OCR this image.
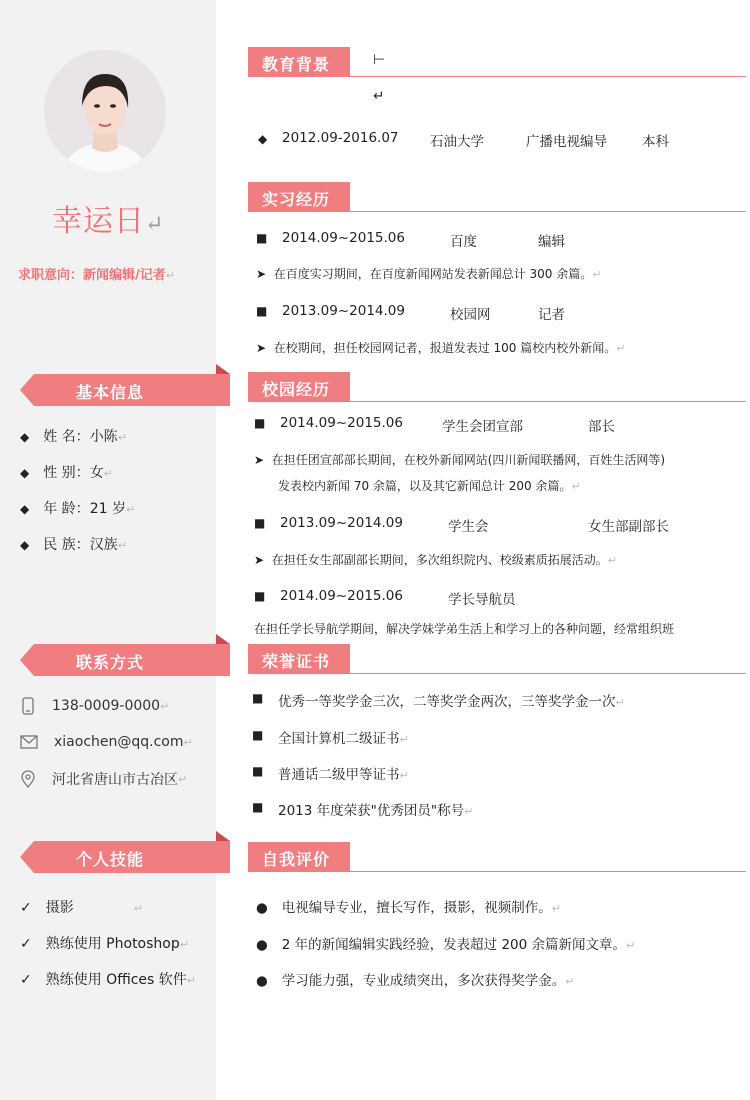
幸运日↵
求职意向：新闻编辑/记者↵
基本信息
◆ 姓 名：小陈↵
◆ 性 别：女↵
◆ 年 龄：21 岁↵
◆ 民 族：汉族↵
联系方式
138-0009-0000 ↵
xiaochen@qq.com ↵
河北省唐山市古冶区 ↵
个人技能
✓ 摄影	↵
✓ 熟练使用 Photoshop↵
✓ 熟练使用 Offices 软件↵
教育背景	⊢
↵
◆ 2012.09-2016.07 石油大学	广播电视编导	本科
实习经历
■ 2014.09~2015.06	百度	编辑
➤ 在百度实习期间，在百度新闻网站发表新闻总计 300 余篇。↵
■ 2013.09~2014.09	校园网	记者
➤ 在校期间，担任校园网记者，报道发表过 100 篇校内校外新闻。↵
校园经历
■ 2014.09~2015.06	学生会团宣部	部长
➤ 在担任团宣部部长期间，在校外新闻网站(四川新闻联播网，百姓生活网等)
发表校内新闻 70 余篇，以及其它新闻总计 200 余篇。↵
■ 2013.09~2014.09	学生会	女生部副部长
➤ 在担任女生部副部长期间，多次组织院内、校级素质拓展活动。↵
■ 2014.09~2015.06	学长导航员
在担任学长导航学期间，解决学妹学弟生活上和学习上的各种问题，经常组织班
荣誉证书
■ 优秀一等奖学金三次，二等奖学金两次，三等奖学金一次↵
■ 全国计算机二级证书↵
■ 普通话二级甲等证书↵
■ 2013 年度荣获"优秀团员"称号↵
自我评价
● 电视编导专业，擅长写作，摄影，视频制作。↵
● 2 年的新闻编辑实践经验，发表超过 200 余篇新闻文章。↵
● 学习能力强，专业成绩突出，多次获得奖学金。↵
